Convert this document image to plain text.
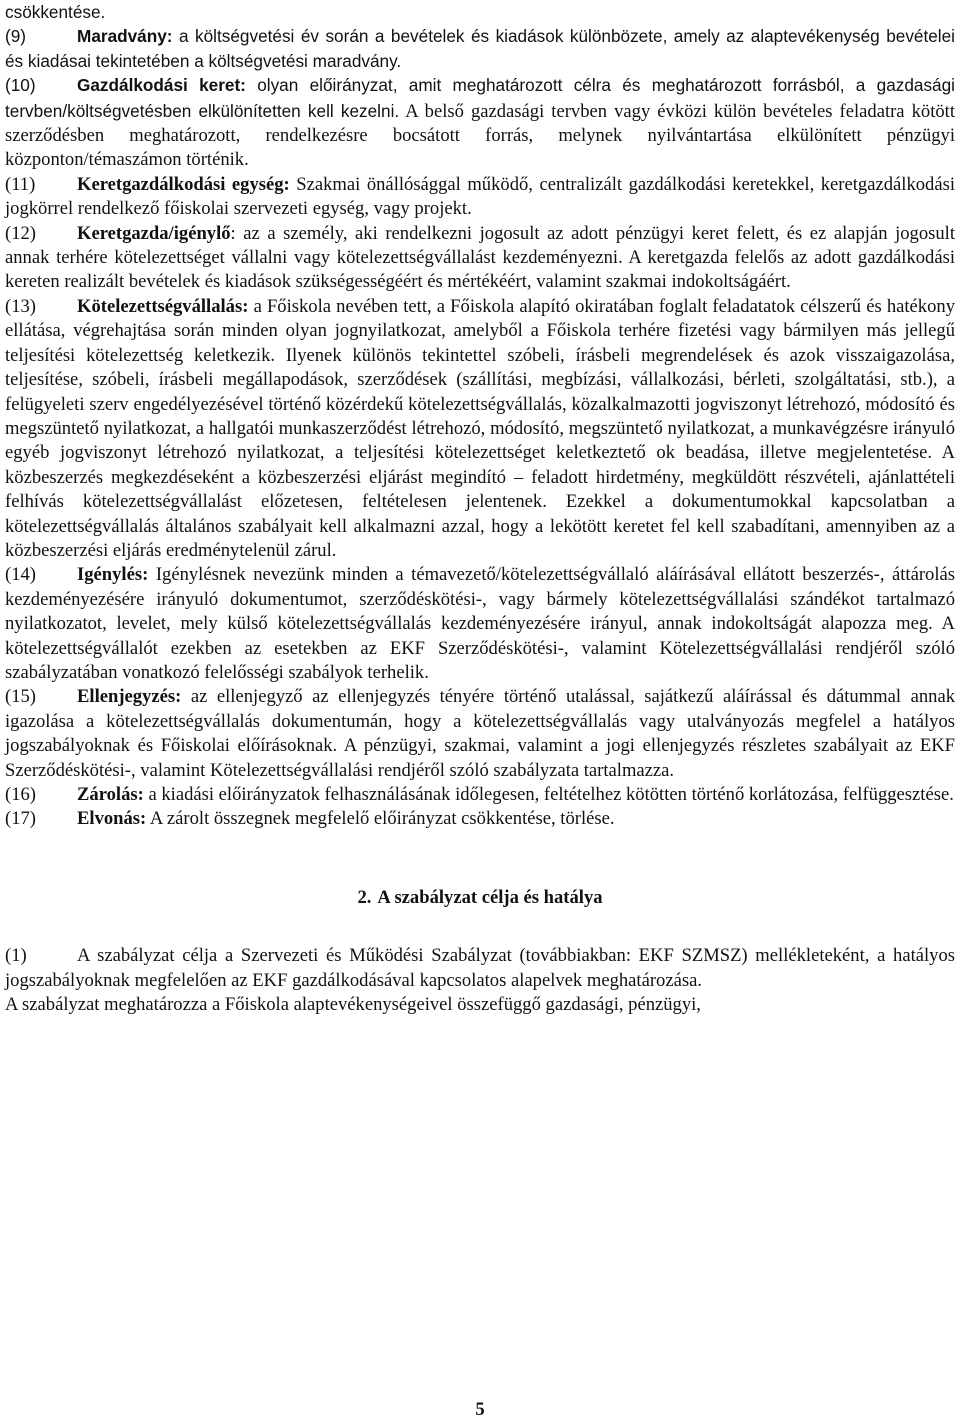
csökkentése.

(9)	Maradvány: a költségvetési év során a bevételek és kiadások különbözete, amely az alaptevékenység bevételei és kiadásai tekintetében a költségvetési maradvány.

(10) Gazdálkodási keret: olyan előirányzat, amit meghatározott célra és meghatározott forrásból, a gazdasági tervben/költségvetésben elkülönítetten kell kezelni. A belső gazdasági tervben vagy évközi külön bevételes feladatra kötött szerződésben meghatározott, rendelkezésre bocsátott forrás, melynek nyilvántartása elkülönített pénzügyi központon/témaszámon történik.

(11) Keretgazdálkodási egység: Szakmai önállósággal működő, centralizált gazdálkodási keretekkel, keretgazdálkodási jogkörrel rendelkező főiskolai szervezeti egység, vagy projekt.

(12) Keretgazda/igénylő: az a személy, aki rendelkezni jogosult az adott pénzügyi keret felett, és ez alapján jogosult annak terhére kötelezettséget vállalni vagy kötelezettségvállalást kezdeményezni. A keretgazda felelős az adott gazdálkodási kereten realizált bevételek és kiadások szükségességéért és mértékéért, valamint szakmai indokoltságáért.

(13) Kötelezettségvállalás: a Főiskola nevében tett, a Főiskola alapító okiratában foglalt feladatatok célszerű és hatékony ellátása, végrehajtása során minden olyan jognyilatkozat, amelyből a Főiskola terhére fizetési vagy bármilyen más jellegű teljesítési kötelezettség keletkezik. Ilyenek különös tekintettel szóbeli, írásbeli megrendelések és azok visszaigazolása, teljesítése, szóbeli, írásbeli megállapodások, szerződések (szállítási, megbízási, vállalkozási, bérleti, szolgáltatási, stb.), a felügyeleti szerv engedélyezésével történő közérdekű kötelezettségvállalás, közalkalmazotti jogviszonyt létrehozó, módosító és megszüntető nyilatkozat, a hallgatói munkaszerződést létrehozó, módosító, megszüntető nyilatkozat, a munkavégzésre irányuló egyéb jogviszonyt létrehozó nyilatkozat, a teljesítési kötelezettséget keletkeztető ok beadása, illetve megjelentetése. A közbeszerzés megkezdéseként a közbeszerzési eljárást megindító – feladott hirdetmény, megküldött részvételi, ajánlattételi felhívás kötelezettségvállalást előzetesen, feltételesen jelentenek. Ezekkel a dokumentumokkal kapcsolatban a kötelezettségvállalás általános szabályait kell alkalmazni azzal, hogy a lekötött keretet fel kell szabadítani, amennyiben az a közbeszerzési eljárás eredménytelenül zárul.

(14) Igénylés: Igénylésnek nevezünk minden a témavezető/kötelezettségvállaló aláírásával ellátott beszerzés-, áttárolás kezdeményezésére irányuló dokumentumot, szerződéskötési-, vagy bármely kötelezettségvállalási szándékot tartalmazó nyilatkozatot, levelet, mely külső kötelezettségvállalás kezdeményezésére irányul, annak indokoltságát alapozza meg. A kötelezettségvállalót ezekben az esetekben az EKF Szerződéskötési-, valamint Kötelezettségvállalási rendjéről szóló szabályzatában vonatkozó felelősségi szabályok terhelik.

(15) Ellenjegyzés: az ellenjegyző az ellenjegyzés tényére történő utalással, sajátkezű aláírással és dátummal annak igazolása a kötelezettségvállalás dokumentumán, hogy a kötelezettségvállalás vagy utalványozás megfelel a hatályos jogszabályoknak és Főiskolai előírásoknak. A pénzügyi, szakmai, valamint a jogi ellenjegyzés részletes szabályait az EKF Szerződéskötési-, valamint Kötelezettségvállalási rendjéről szóló szabályzata tartalmazza.

(16) Zárolás: a kiadási előirányzatok felhasználásának időlegesen, feltételhez kötötten történő korlátozása, felfüggesztése.

(17) Elvonás: A zárolt összegnek megfelelő előirányzat csökkentése, törlése.

2. A szabályzat célja és hatálya

(1)	A szabályzat célja a Szervezeti és Működési Szabályzat (továbbiakban: EKF SZMSZ) mellékleteként, a hatályos jogszabályoknak megfelelően az EKF gazdálkodásával kapcsolatos alapelvek meghatározása.

A szabályzat meghatározza a Főiskola alaptevékenységeivel összefüggő gazdasági, pénzügyi,

5
